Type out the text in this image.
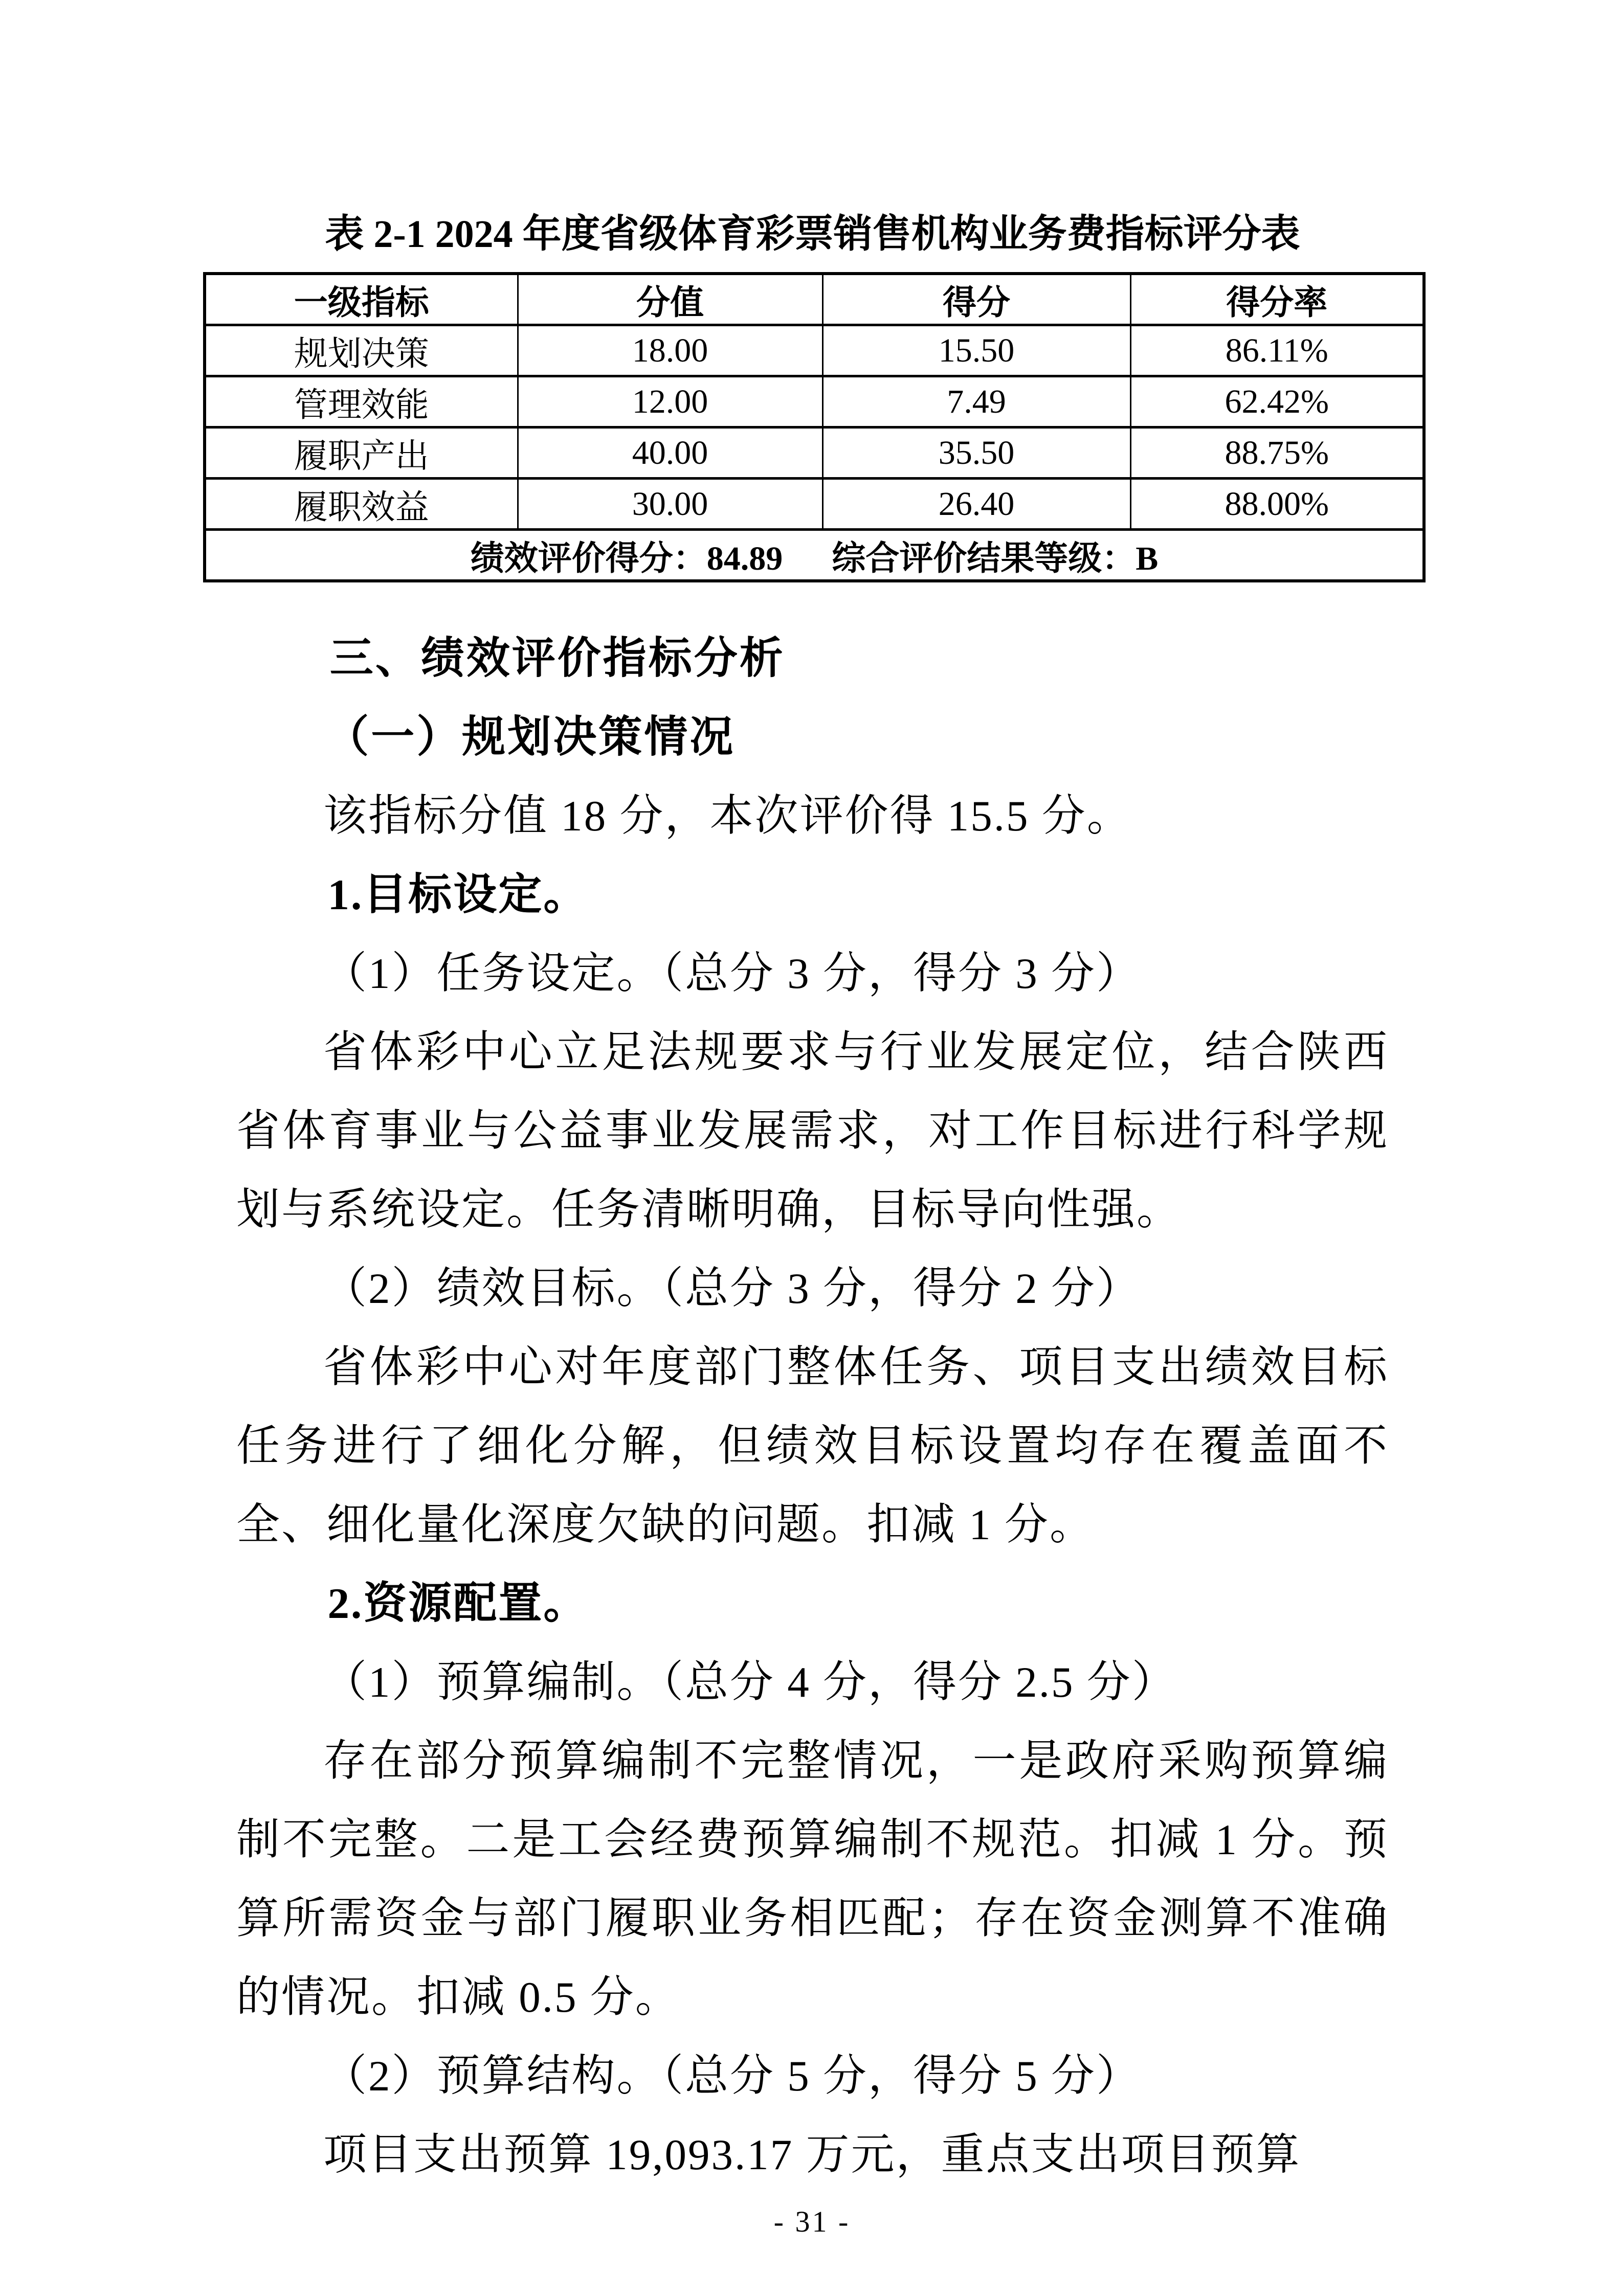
表 2-1 2024 年度省级体育彩票销售机构业务费指标评分表
一级指标	分值	得分	得分率
规划决策	18.00	15.50	86.11%
管理效能	12.00	7.49	62.42%
履职产出	40.00	35.50	88.75%
履职效益	30.00	26.40	88.00%
绩效评价得分：84.89 综合评价结果等级：B			
三、绩效评价指标分析
（一）规划决策情况

该指标分值 18 分，本次评价得 15.5 分。

1.目标设定。

（1）任务设定。（总分 3 分，得分 3 分）

省体彩中心立足法规要求与行业发展定位，结合陕西省体育事业与公益事业发展需求，对工作目标进行科学规划与系统设定。任务清晰明确，目标导向性强。

（2）绩效目标。（总分 3 分，得分 2 分）

省体彩中心对年度部门整体任务、项目支出绩效目标任务进行了细化分解，但绩效目标设置均存在覆盖面不全、细化量化深度欠缺的问题。扣减 1 分。

2.资源配置。

（1）预算编制。（总分 4 分，得分 2.5 分）

存在部分预算编制不完整情况，一是政府采购预算编制不完整。二是工会经费预算编制不规范。扣减 1 分。预算所需资金与部门履职业务相匹配；存在资金测算不准确的情况。扣减 0.5 分。

（2）预算结构。（总分 5 分，得分 5 分）

项目支出预算 19,093.17 万元，重点支出项目预算

- 31 -
